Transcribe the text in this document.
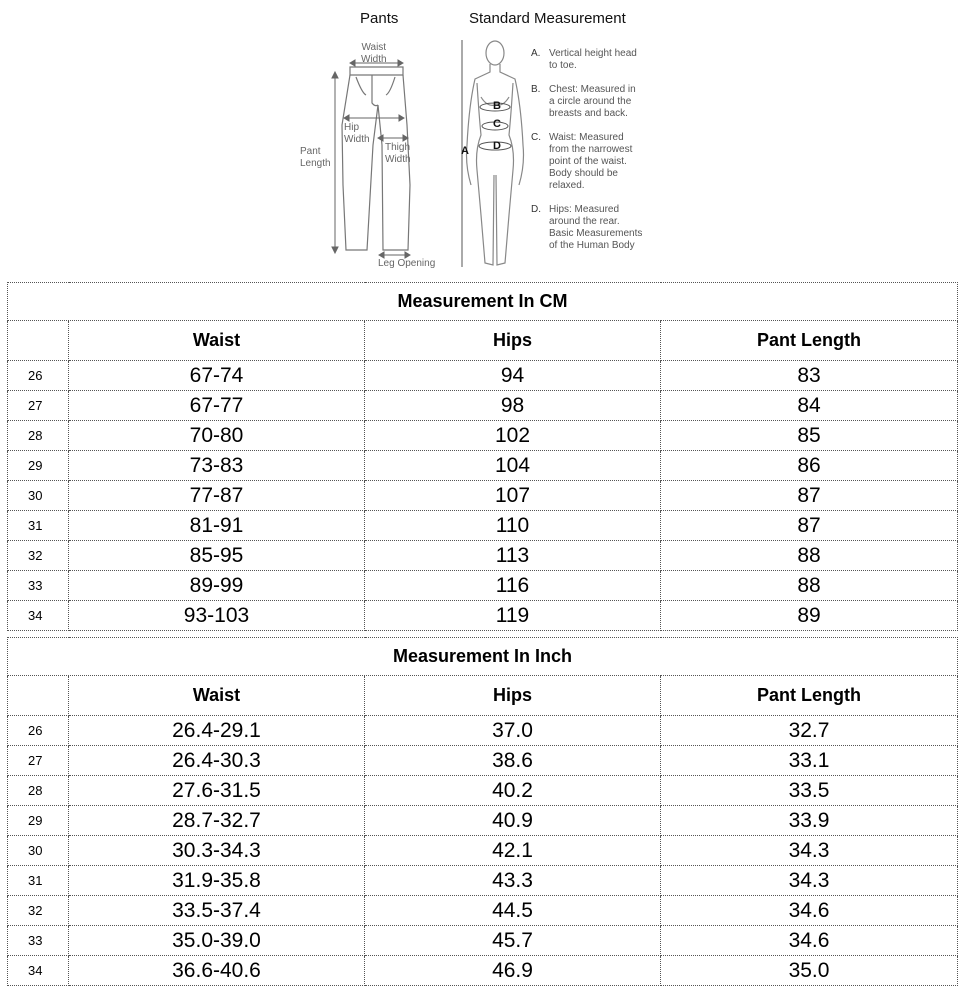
Pants	Standard Measurement
Waist
Width
Hip
Width
Pant
Length
Thigh
Width
Leg Opening
A
B
C
D
A. Vertical height head
to toe.
B. Chest: Measured in
a circle around the
breasts and back.
C. Waist: Measured
from the narrowest
point of the waist.
Body should be
relaxed.
D. Hips: Measured
around the rear.
Basic Measurements
of the Human Body
Measurement In CM			
	Waist	Hips	Pant Length
26	67-74	94	83
27	67-77	98	84
28	70-80	102	85
29	73-83	104	86
30	77-87	107	87
31	81-91	110	87
32	85-95	113	88
33	89-99	116	88
34	93-103	119	89
Measurement In Inch			
	Waist	Hips	Pant Length
26	26.4-29.1	37.0	32.7
27	26.4-30.3	38.6	33.1
28	27.6-31.5	40.2	33.5
29	28.7-32.7	40.9	33.9
30	30.3-34.3	42.1	34.3
31	31.9-35.8	43.3	34.3
32	33.5-37.4	44.5	34.6
33	35.0-39.0	45.7	34.6
34	36.6-40.6	46.9	35.0
